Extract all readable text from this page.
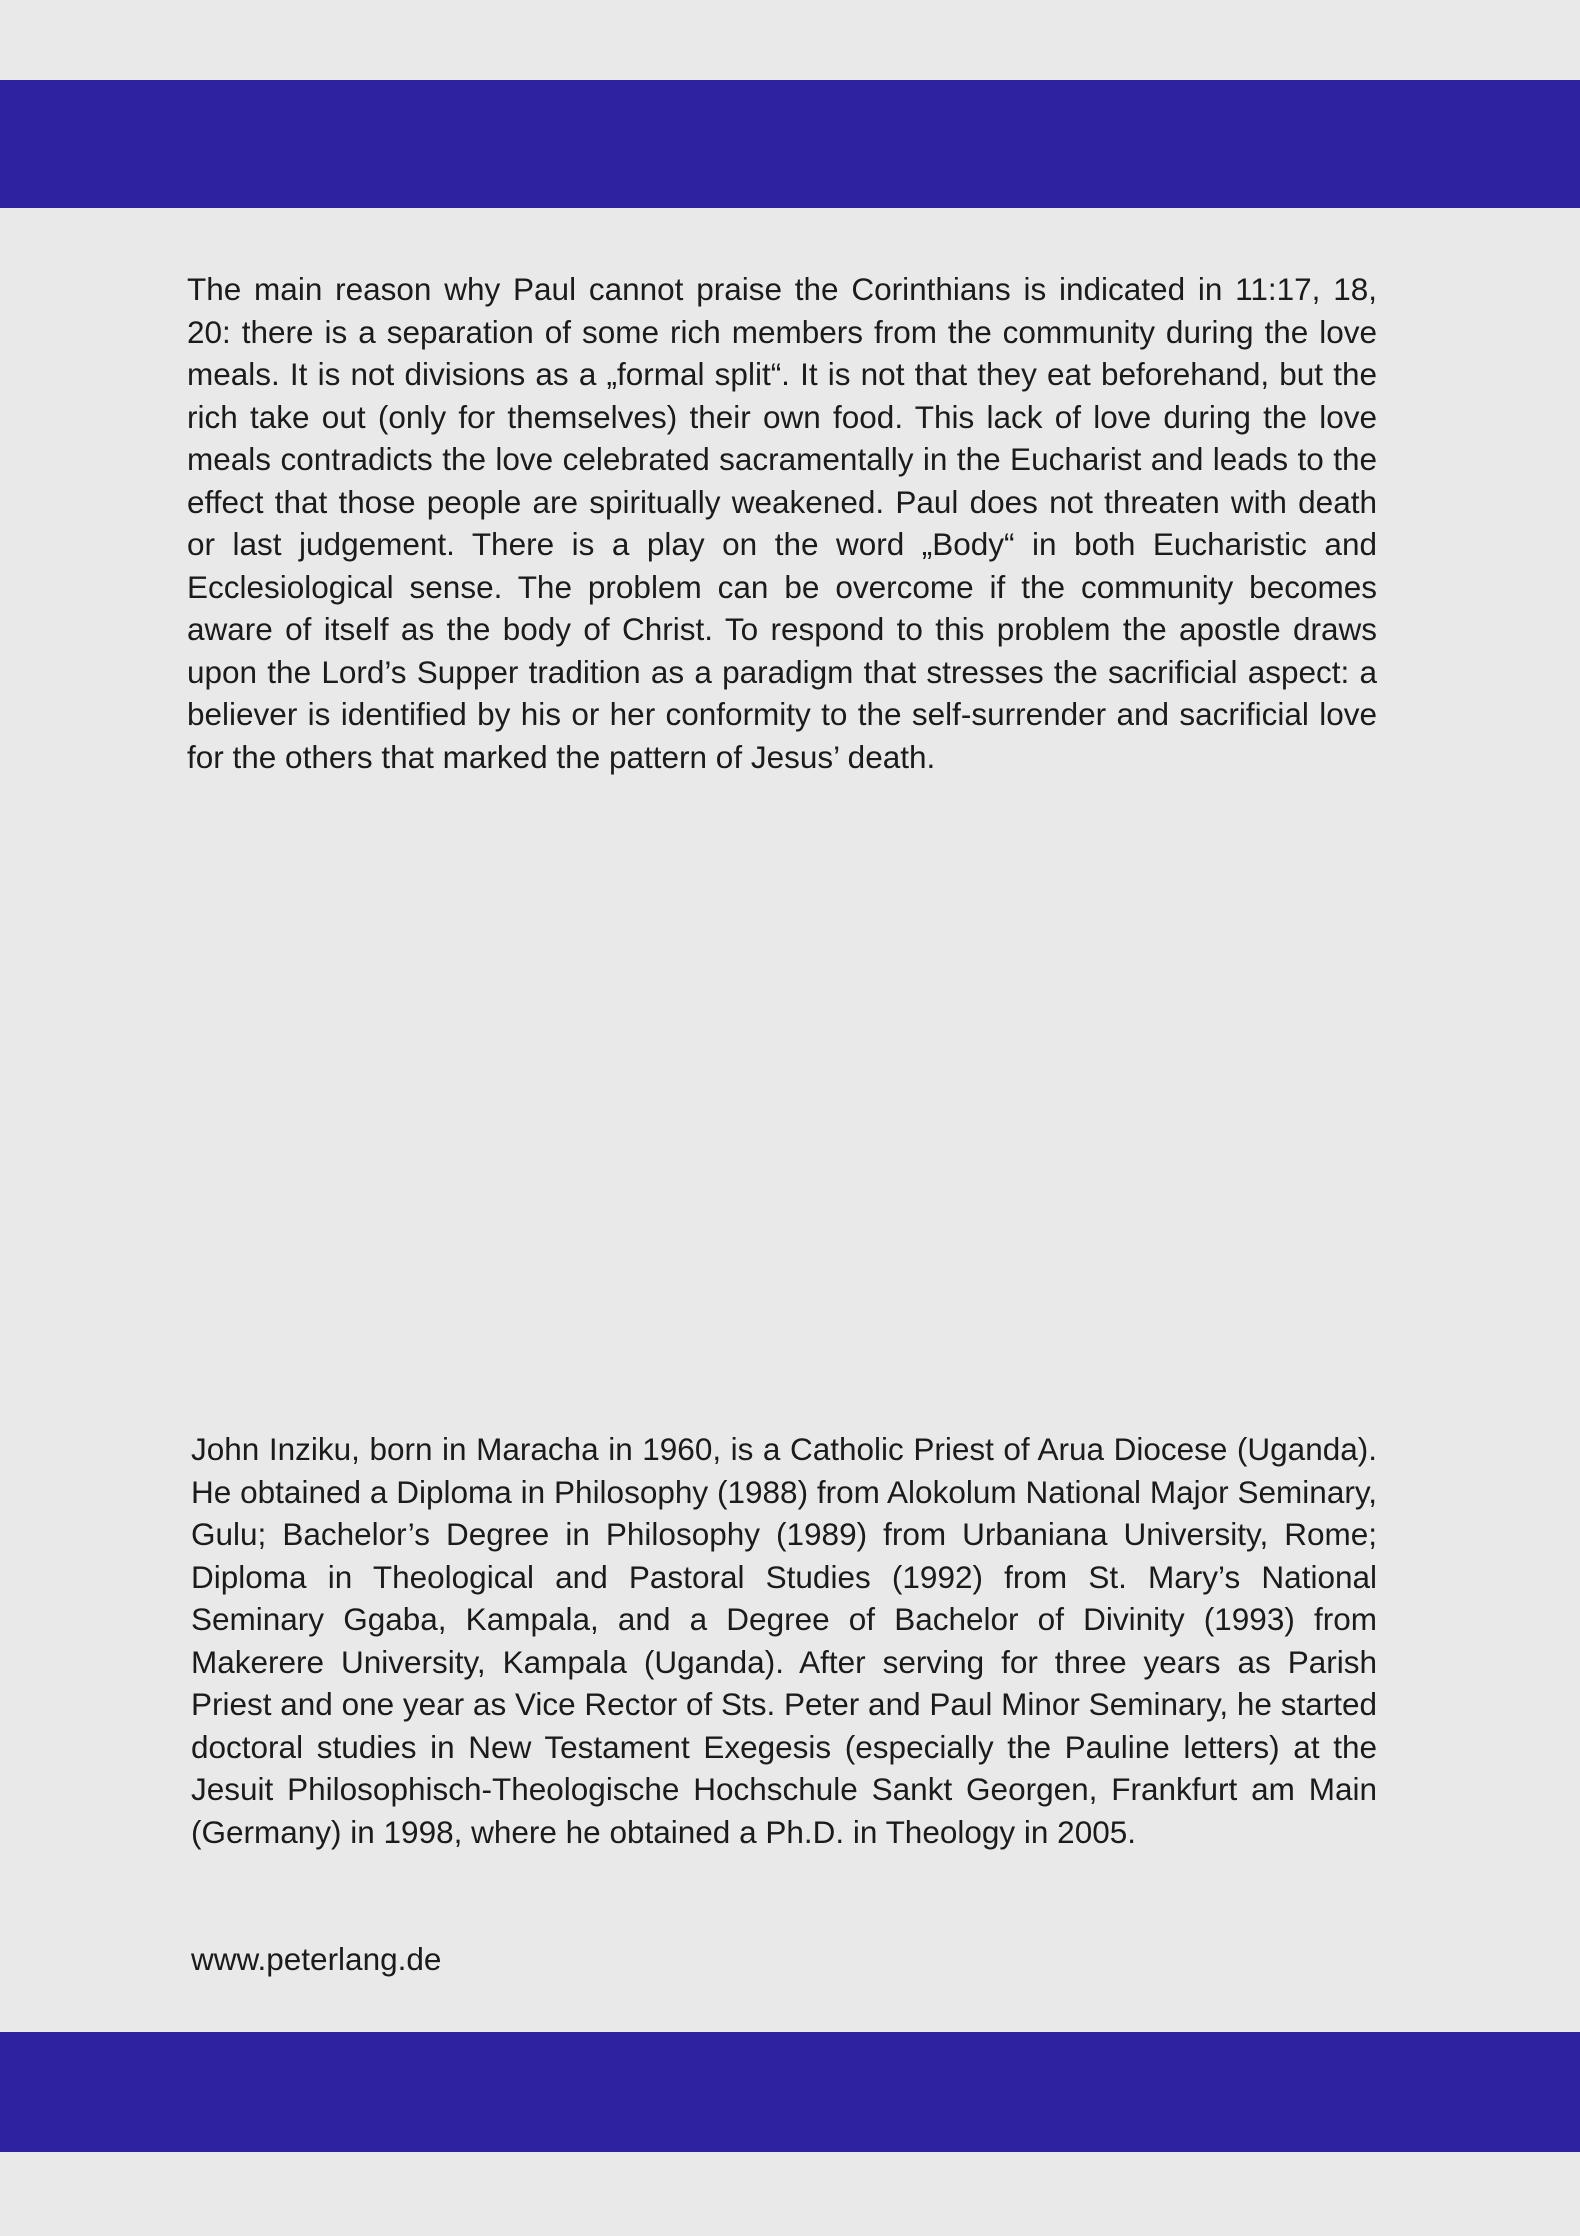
The main reason why Paul cannot praise the Corinthians is indicated in 11:17, 18, 20: there is a separation of some rich members from the community during the love meals. It is not divisions as a „formal split“. It is not that they eat beforehand, but the rich take out (only for themselves) their own food. This lack of love during the love meals contradicts the love celebrated sacramentally in the Eucharist and leads to the effect that those people are spiritually weakened. Paul does not threaten with death or last judgement. There is a play on the word „Body“ in both Eucharistic and Ecclesiological sense. The problem can be overcome if the community becomes aware of itself as the body of Christ. To respond to this problem the apostle draws upon the Lord’s Supper tradition as a paradigm that stresses the sacrificial aspect: a believer is identified by his or her conformity to the self-surrender and sacrificial love for the others that marked the pattern of Jesus’ death.

John Inziku, born in Maracha in 1960, is a Catholic Priest of Arua Diocese (Uganda). He obtained a Diploma in Philosophy (1988) from Alokolum National Major Seminary, Gulu; Bachelor’s Degree in Philosophy (1989) from Urbaniana University, Rome; Diploma in Theological and Pastoral Studies (1992) from St. Mary’s National Seminary Ggaba, Kampala, and a Degree of Bachelor of Divinity (1993) from Makerere University, Kampala (Uganda). After serving for three years as Parish Priest and one year as Vice Rector of Sts. Peter and Paul Minor Seminary, he started doctoral studies in New Testament Exegesis (especially the Pauline letters) at the Jesuit Philosophisch-Theologische Hochschule Sankt Georgen, Frankfurt am Main (Germany) in 1998, where he obtained a Ph.D. in Theology in 2005.

www.peterlang.de
